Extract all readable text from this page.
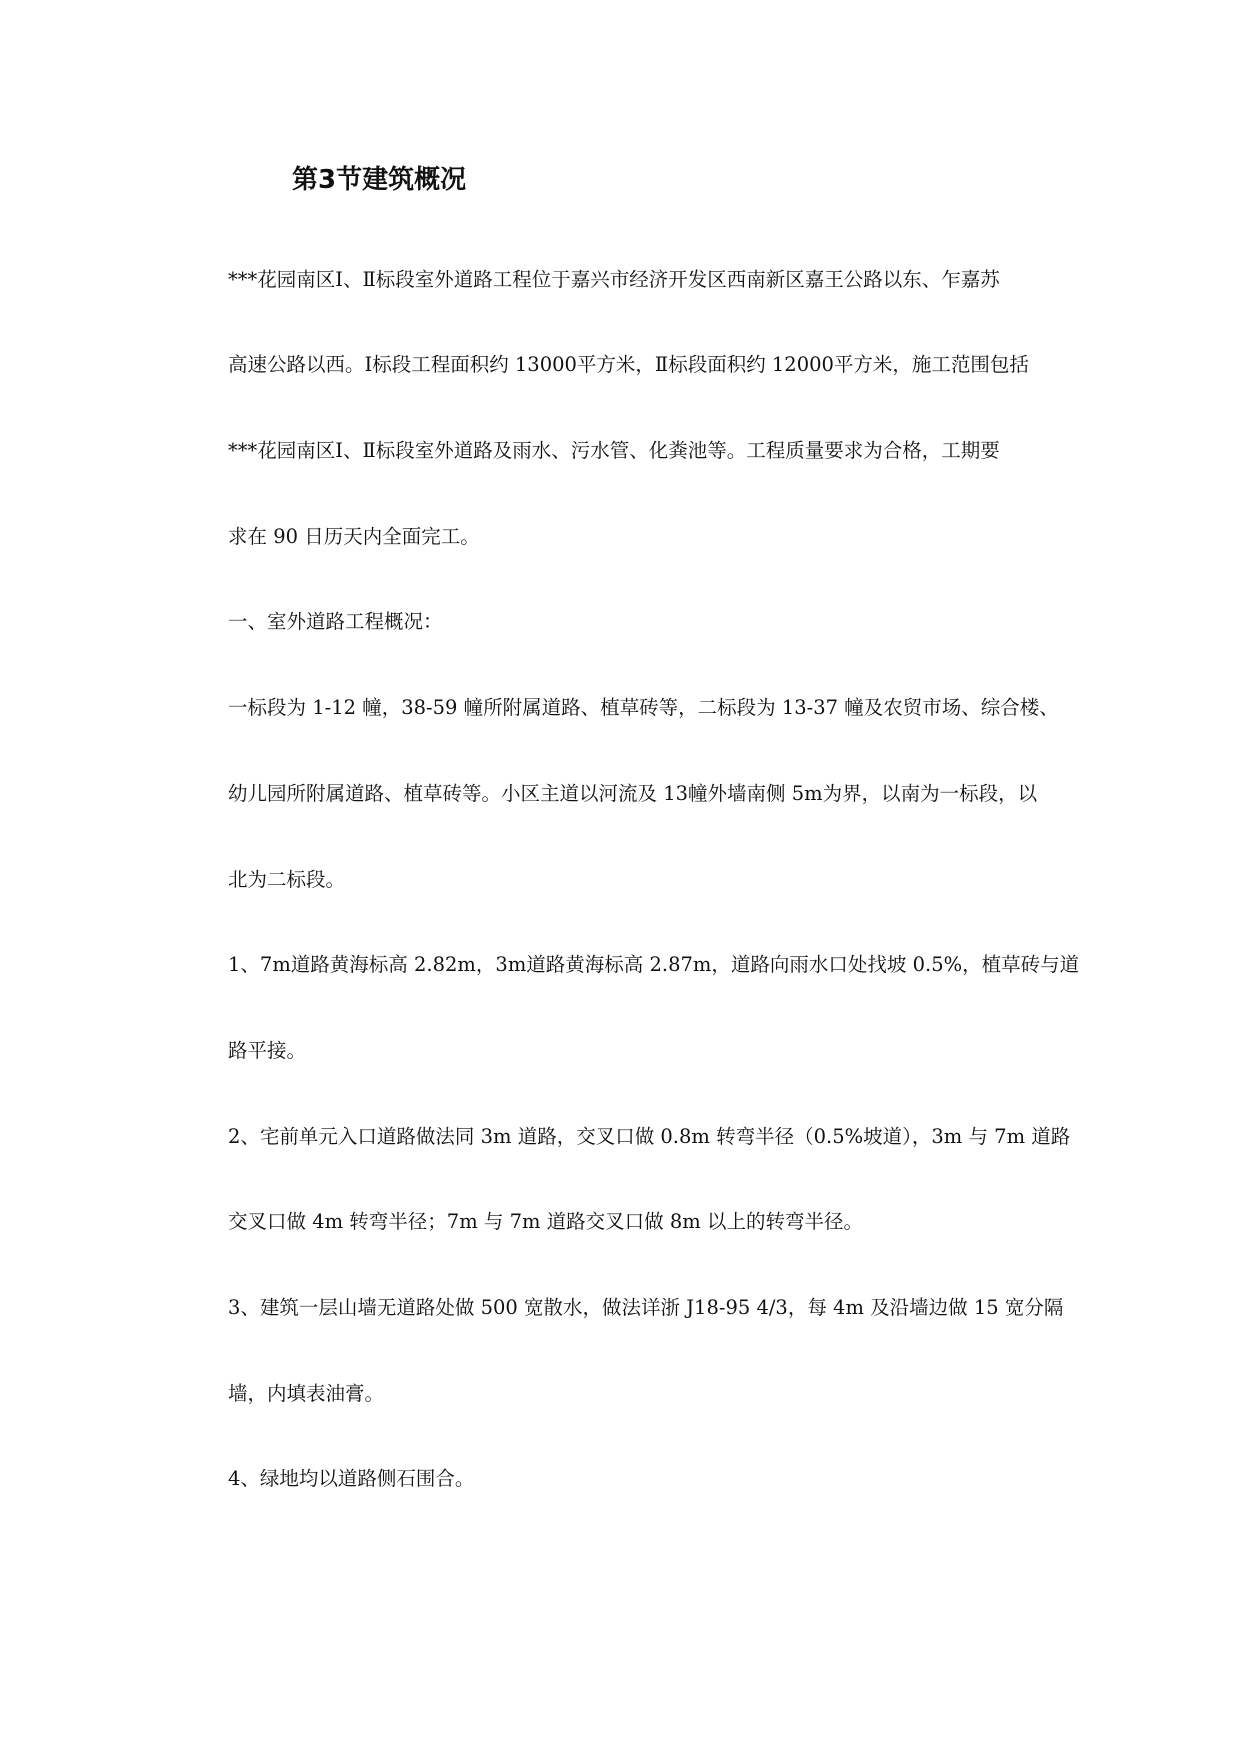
第3节建筑概况
***花园南区Ⅰ、Ⅱ标段室外道路工程位于嘉兴市经济开发区西南新区嘉王公路以东、乍嘉苏
高速公路以西。Ⅰ标段工程面积约 13000平方米，Ⅱ标段面积约 12000平方米，施工范围包括
***花园南区Ⅰ、Ⅱ标段室外道路及雨水、污水管、化粪池等。工程质量要求为合格，工期要
求在 90 日历天内全面完工。
一、室外道路工程概况：
一标段为 1-12 幢，38-59 幢所附属道路、植草砖等，二标段为 13-37 幢及农贸市场、综合楼、
幼儿园所附属道路、植草砖等。小区主道以河流及 13幢外墙南侧 5m为界，以南为一标段，以
北为二标段。
1、7m道路黄海标高 2.82m，3m道路黄海标高 2.87m，道路向雨水口处找坡 0.5%，植草砖与道
路平接。
2、宅前单元入口道路做法同 3m 道路，交叉口做 0.8m 转弯半径（0.5%坡道），3m 与 7m 道路
交叉口做 4m 转弯半径；7m 与 7m 道路交叉口做 8m 以上的转弯半径。
3、建筑一层山墙无道路处做 500 宽散水，做法详浙 J18-95 4/3，每 4m 及沿墙边做 15 宽分隔
墙，内填表油膏。
4、绿地均以道路侧石围合。
